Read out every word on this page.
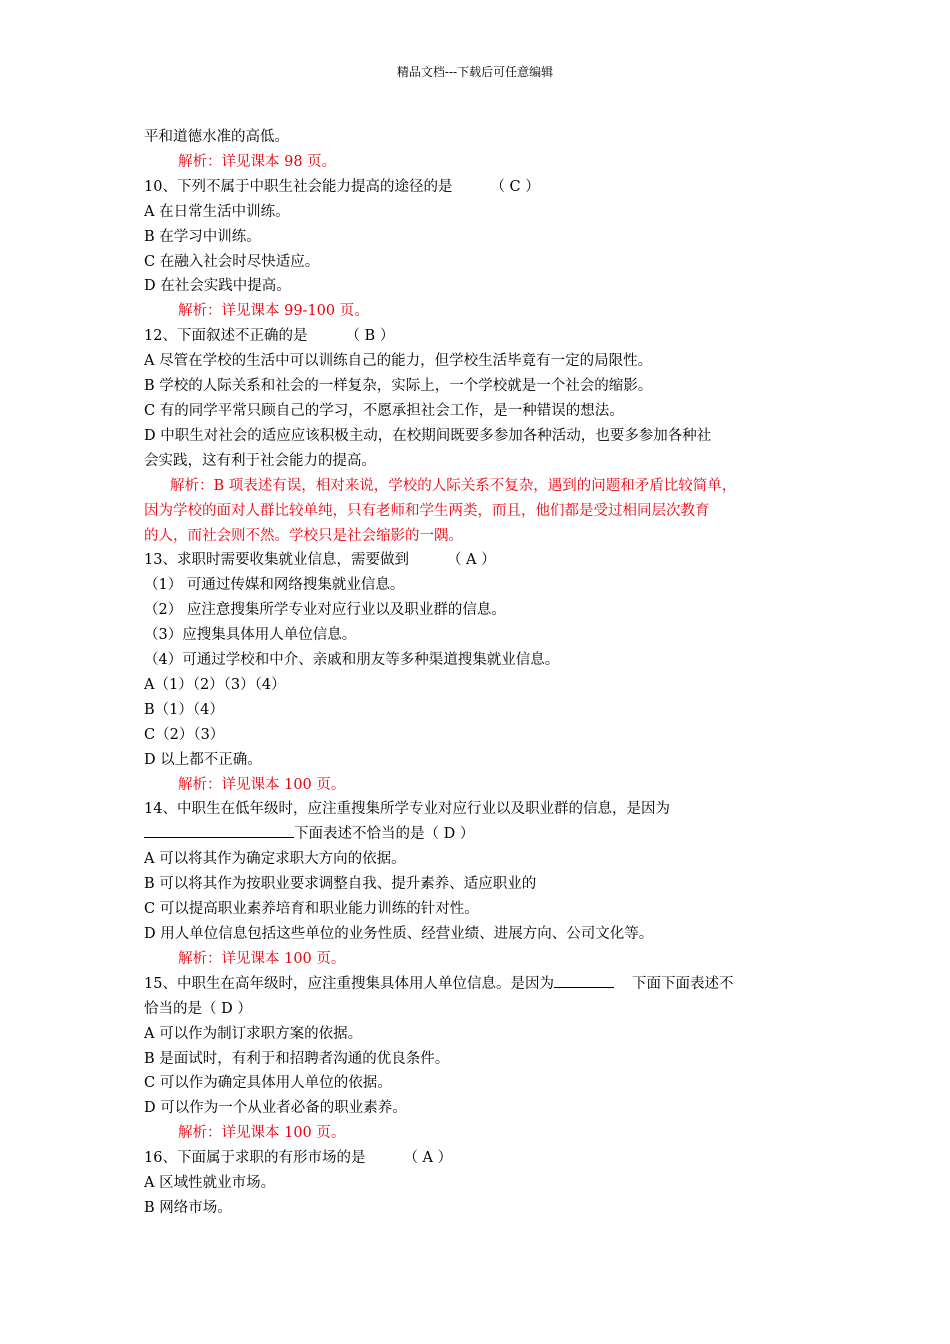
精品文档---下载后可任意编辑
平和道德水准的高低。
解析：详见课本 98 页。
10、下列不属于中职生社会能力提高的途径的是	（ C ）
A 在日常生活中训练。
B 在学习中训练。
C 在融入社会时尽快适应。
D 在社会实践中提高。
解析：详见课本 99-100 页。
12、下面叙述不正确的是	（ B ）
A 尽管在学校的生活中可以训练自己的能力，但学校生活毕竟有一定的局限性。
B 学校的人际关系和社会的一样复杂，实际上，一个学校就是一个社会的缩影。
C 有的同学平常只顾自己的学习，不愿承担社会工作，是一种错误的想法。
D 中职生对社会的适应应该积极主动，在校期间既要多参加各种活动，也要多参加各种社
会实践，这有利于社会能力的提高。
解析：B 项表述有误，相对来说，学校的人际关系不复杂，遇到的问题和矛盾比较简单，
因为学校的面对人群比较单纯，只有老师和学生两类，而且，他们都是受过相同层次教育
的人，而社会则不然。学校只是社会缩影的一隅。
13、求职时需要收集就业信息，需要做到	（ A ）
（1） 可通过传媒和网络搜集就业信息。
（2） 应注意搜集所学专业对应行业以及职业群的信息。
（3）应搜集具体用人单位信息。
（4）可通过学校和中介、亲戚和朋友等多种渠道搜集就业信息。
A（1）（2）（3）（4）
B（1）（4）
C（2）（3）
D 以上都不正确。
解析：详见课本 100 页。
14、中职生在低年级时，应注重搜集所学专业对应行业以及职业群的信息，是因为
下面表述不恰当的是（ D ）
A 可以将其作为确定求职大方向的依据。
B 可以将其作为按职业要求调整自我、提升素养、适应职业的
C 可以提高职业素养培育和职业能力训练的针对性。
D 用人单位信息包括这些单位的业务性质、经营业绩、进展方向、公司文化等。
解析：详见课本 100 页。
15、中职生在高年级时，应注重搜集具体用人单位信息。是因为	下面下面表述不
恰当的是（ D ）
A 可以作为制订求职方案的依据。
B 是面试时，有利于和招聘者沟通的优良条件。
C 可以作为确定具体用人单位的依据。
D 可以作为一个从业者必备的职业素养。
解析：详见课本 100 页。
16、下面属于求职的有形市场的是	（ A ）
A 区域性就业市场。
B 网络市场。
